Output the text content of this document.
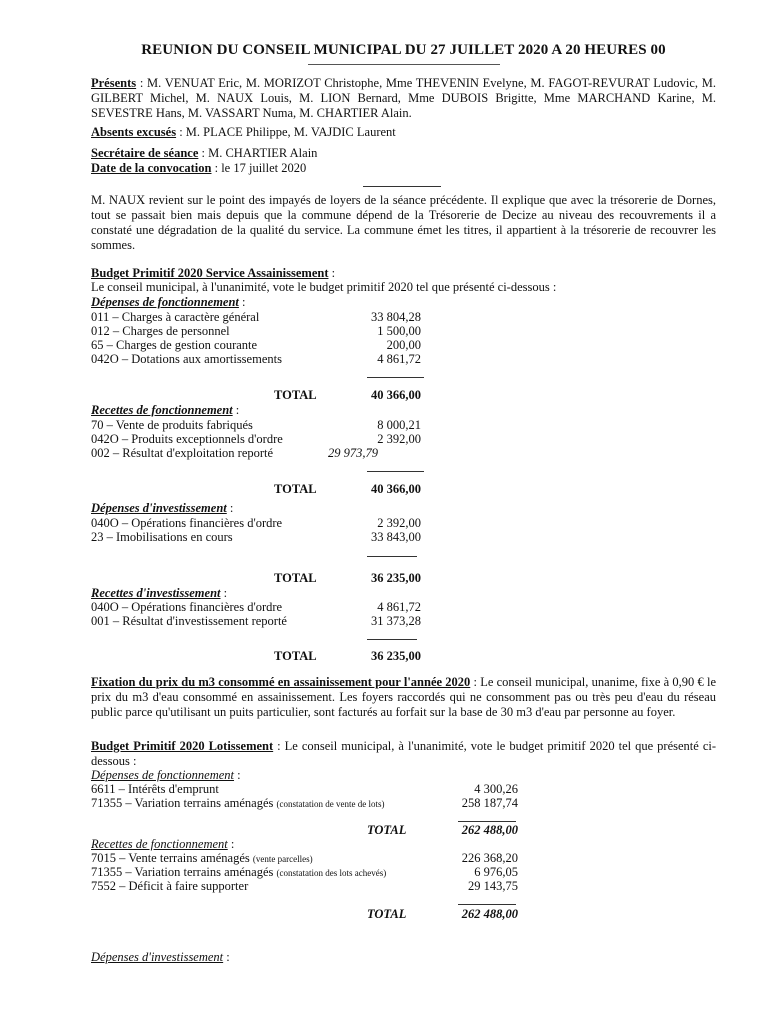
REUNION DU CONSEIL MUNICIPAL DU 27 JUILLET 2020 A 20 HEURES 00
Présents : M. VENUAT Eric, M. MORIZOT Christophe, Mme THEVENIN Evelyne, M. FAGOT-REVURAT Ludovic, M. GILBERT Michel, M. NAUX Louis, M. LION Bernard, Mme DUBOIS Brigitte, Mme MARCHAND Karine, M. SEVESTRE Hans, M. VASSART Numa, M. CHARTIER Alain.
Absents excusés : M. PLACE Philippe, M. VAJDIC Laurent
Secrétaire de séance : M. CHARTIER Alain
Date de la convocation : le 17 juillet 2020
M. NAUX revient sur le point des impayés de loyers de la séance précédente. Il explique que avec la trésorerie de Dornes, tout se passait bien mais depuis que la commune dépend de la Trésorerie de Decize au niveau des recouvrements il a constaté une dégradation de la qualité du service. La commune émet les titres, il appartient à la trésorerie de recouvrer les sommes.
Budget Primitif 2020 Service Assainissement :
Le conseil municipal, à l'unanimité, vote le budget primitif 2020 tel que présenté ci-dessous :
Dépenses de fonctionnement :
011 – Charges à caractère général	33 804,28
012 – Charges de personnel	1 500,00
65 – Charges de gestion courante	200,00
042O – Dotations aux amortissements	4 861,72
TOTAL	40 366,00
Recettes de fonctionnement :
70 – Vente de produits fabriqués	8 000,21
042O – Produits exceptionnels d'ordre	2 392,00
002 – Résultat d'exploitation reporté	29 973,79
TOTAL	40 366,00
Dépenses d'investissement :
040O – Opérations financières d'ordre	2 392,00
23 – Imobilisations en cours	33 843,00
TOTAL	36 235,00
Recettes d'investissement :
040O – Opérations financières d'ordre	4 861,72
001 – Résultat d'investissement reporté	31 373,28
TOTAL	36 235,00
Fixation du prix du m3 consommé en assainissement pour l'année 2020 : Le conseil municipal, unanime, fixe à 0,90 € le prix du m3 d'eau consommé en assainissement. Les foyers raccordés qui ne consomment pas ou très peu d'eau du réseau public parce qu'utilisant un puits particulier, sont facturés au forfait sur la base de 30 m3 d'eau par personne au foyer.
Budget Primitif 2020 Lotissement : Le conseil municipal, à l'unanimité, vote le budget primitif 2020 tel que présenté ci-dessous :
Dépenses de fonctionnement :
6611 – Intérêts d'emprunt	4 300,26
71355 – Variation terrains aménagés (constatation de vente de lots)	258 187,74
TOTAL	262 488,00
Recettes de fonctionnement :
7015 – Vente terrains aménagés (vente parcelles)	226 368,20
71355 – Variation terrains aménagés (constatation des lots achevés)	6 976,05
7552 – Déficit à faire supporter	29 143,75
TOTAL	262 488,00
Dépenses d'investissement :
